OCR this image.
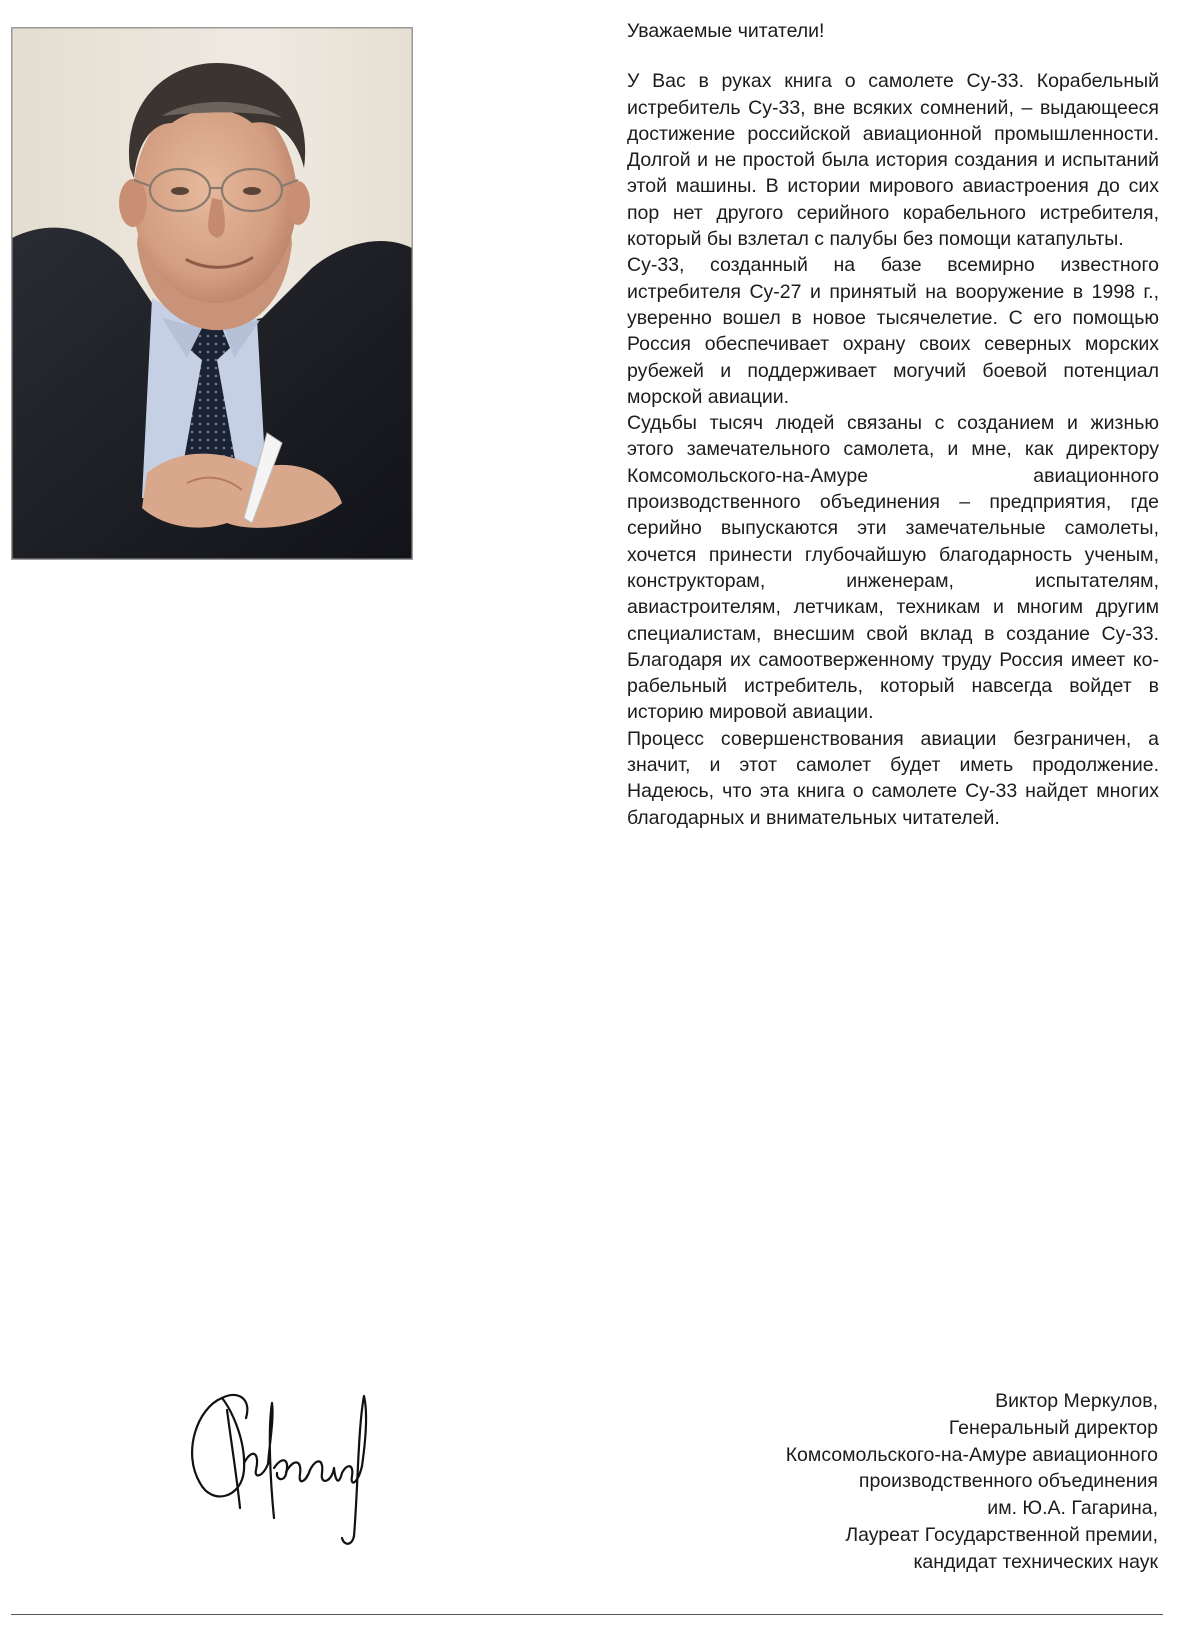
Уважаемые читатели!

У Вас в руках книга о самолете Су-33. Корабельный истребитель Су-33, вне всяких сомнений, – выдающееся достижение российской авиационной промышленности. Долгой и не простой была история создания и испытаний этой машины. В истории мирового авиастроения до сих пор нет другого серийного корабельного истребителя, который бы взлетал с палубы без помощи катапульты.

Су-33, созданный на базе всемирно известного истребителя Су-27 и принятый на вооружение в 1998 г., уверенно вошел в новое тысячелетие. С его помощью Россия обеспечивает охрану своих северных морских рубежей и поддерживает могучий боевой потенциал морской авиации.

Судьбы тысяч людей связаны с созданием и жизнью этого замечательного самолета, и мне, как директору Комсомольского-на-Амуре авиационного производственного объединения – предприятия, где серийно выпускаются эти замечательные самолеты, хочется принести глубочайшую благодарность ученым, конструкторам, инженерам, испытателям, авиастроителям, летчикам, техникам и многим другим специалистам, внесшим свой вклад в создание Су-33. Благодаря их самоотверженному труду Россия имеет корабельный истребитель, который навсегда войдет в историю мировой авиации.

Процесс совершенствования авиации безграничен, а значит, и этот самолет будет иметь продолжение. Надеюсь, что эта книга о самолете Су-33 найдет многих благодарных и внимательных читателей.

Виктор Меркулов,
Генеральный директор
Комсомольского-на-Амуре авиационного
производственного объединения
им. Ю.А. Гагарина,
Лауреат Государственной премии,
кандидат технических наук
